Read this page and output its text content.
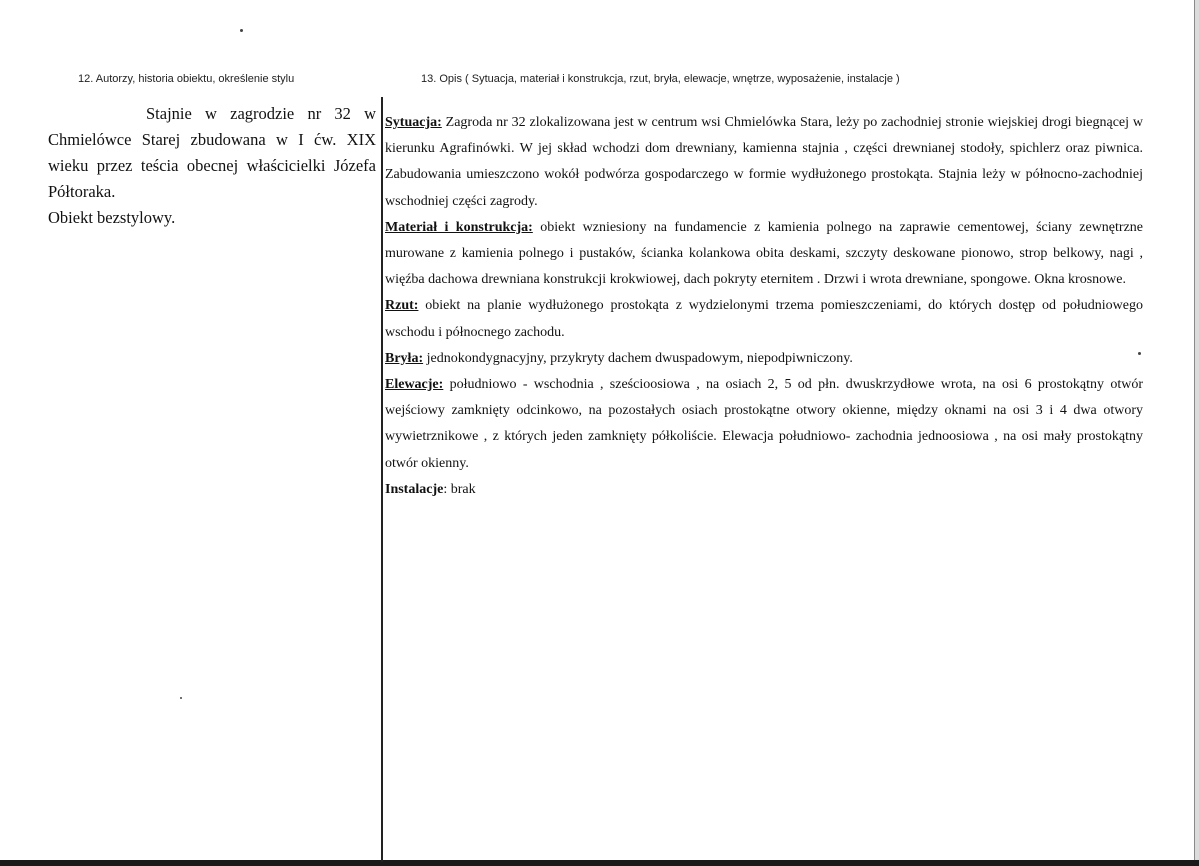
12. Autorzy, historia obiektu, określenie stylu	13. Opis ( Sytuacja, materiał i konstrukcja, rzut, bryła, elewacje, wnętrze, wyposażenie, instalacje )

Stajnie w zagrodzie nr 32 w Chmielówce Starej zbudowana w I ćw. XIX wieku przez teścia obecnej właścicielki Józefa Półtoraka.

Obiekt bezstylowy.

Sytuacja: Zagroda nr 32 zlokalizowana jest w centrum wsi Chmielówka Stara, leży po zachodniej stronie wiejskiej drogi biegnącej w kierunku Agrafinówki. W jej skład wchodzi dom drewniany, kamienna stajnia , części drewnianej stodoły, spichlerz oraz piwnica. Zabudowania umieszczono wokół podwórza gospodarczego w formie wydłużonego prostokąta. Stajnia leży w północno-zachodniej wschodniej części zagrody.

Materiał i konstrukcja: obiekt wzniesiony na fundamencie z kamienia polnego na zaprawie cementowej, ściany zewnętrzne murowane z kamienia polnego i pustaków, ścianka kolankowa obita deskami, szczyty deskowane pionowo, strop belkowy, nagi , więźba dachowa drewniana konstrukcji krokwiowej, dach pokryty eternitem . Drzwi i wrota drewniane, spongowe. Okna krosnowe.

Rzut: obiekt na planie wydłużonego prostokąta z wydzielonymi trzema pomieszczeniami, do których dostęp od południowego wschodu i północnego zachodu.

Bryła: jednokondygnacyjny, przykryty dachem dwuspadowym, niepodpiwniczony.

Elewacje: południowo - wschodnia , sześcioosiowa , na osiach 2, 5 od płn. dwuskrzydłowe wrota, na osi 6 prostokątny otwór wejściowy zamknięty odcinkowo, na pozostałych osiach prostokątne otwory okienne, między oknami na osi 3 i 4 dwa otwory wywietrznikowe , z których jeden zamknięty półkoliście. Elewacja południowo- zachodnia jednoosiowa , na osi mały prostokątny otwór okienny.

Instalacje: brak
